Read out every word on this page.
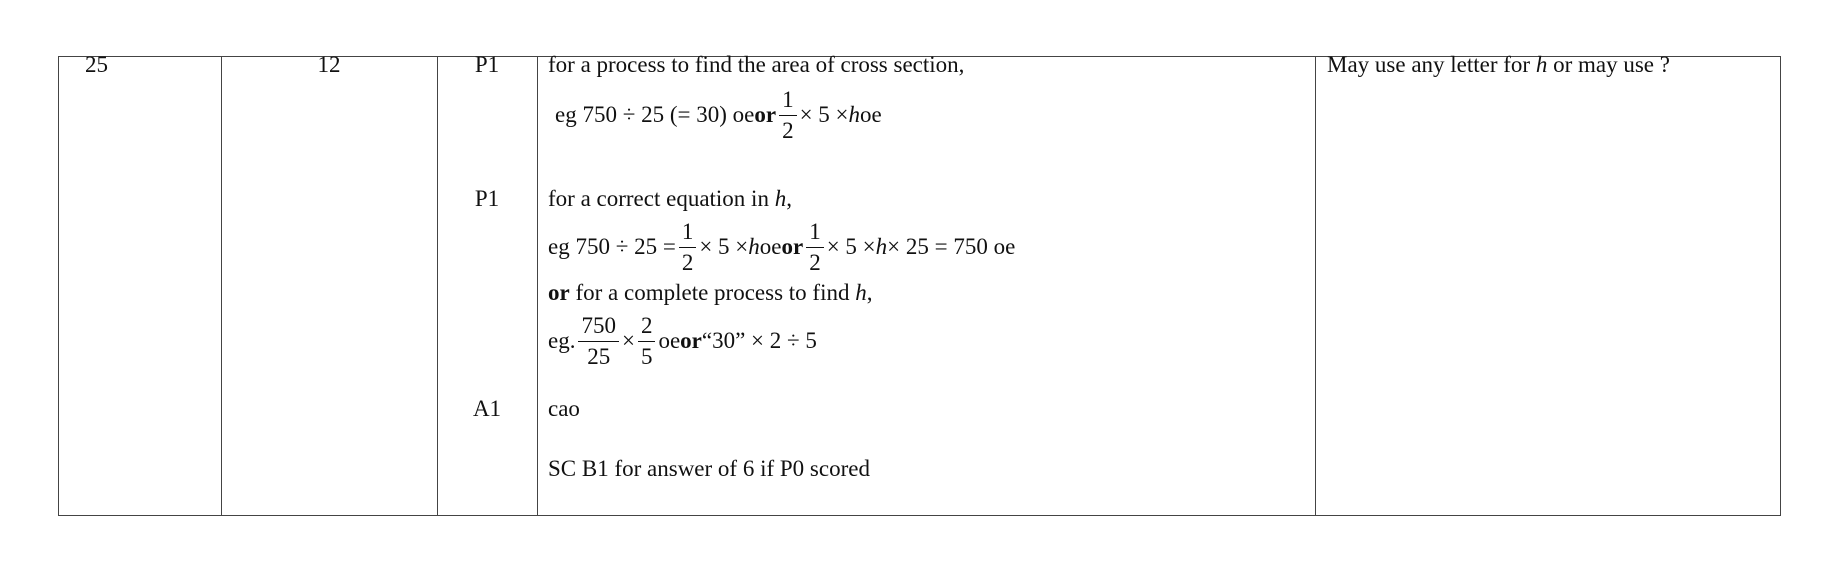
25	12	P1
P1
A1
for a process to find the area of cross section,
eg 750 ÷ 25 (= 30) oe or $\frac{1}{2} \times 5 \times h$ oe
for a correct equation in h,
eg $750 \div 25 = \frac{1}{2} \times 5 \times h$ oe or $\frac{1}{2} \times 5 \times h \times 25 = 750$ oe
or for a complete process to find h,
eg. $\frac{750}{25} \times \frac{2}{5}$ oe or “30” × 2 ÷ 5
cao
SC B1 for answer of 6 if P0 scored
May use any letter for h or may use ?
